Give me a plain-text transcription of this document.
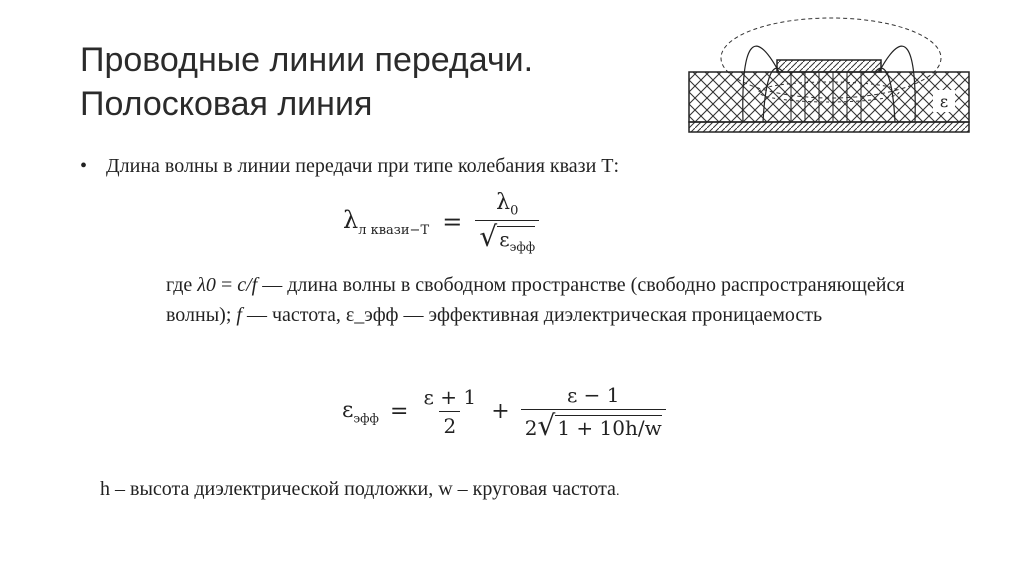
Проводные линии передачи.
Полосковая линия	ε
• Длина волны в линии передачи при типе колебания квази Т:
$\lambda_{л квази-Т} = \frac{\lambda_0}{√ \varepsilon_{эфф}}$
где λ0 = c/f — длина волны в свободном пространстве (свободно распространяющейся волны); f — частота, ε_эфф — эффективная диэлектрическая проницаемость
$\varepsilon_{эфф} = \frac{\varepsilon + 1}{2} + \frac{\varepsilon - 1}{2√ 1 + 10h/w}$
h – высота диэлектрической подложки, w – круговая частота.
